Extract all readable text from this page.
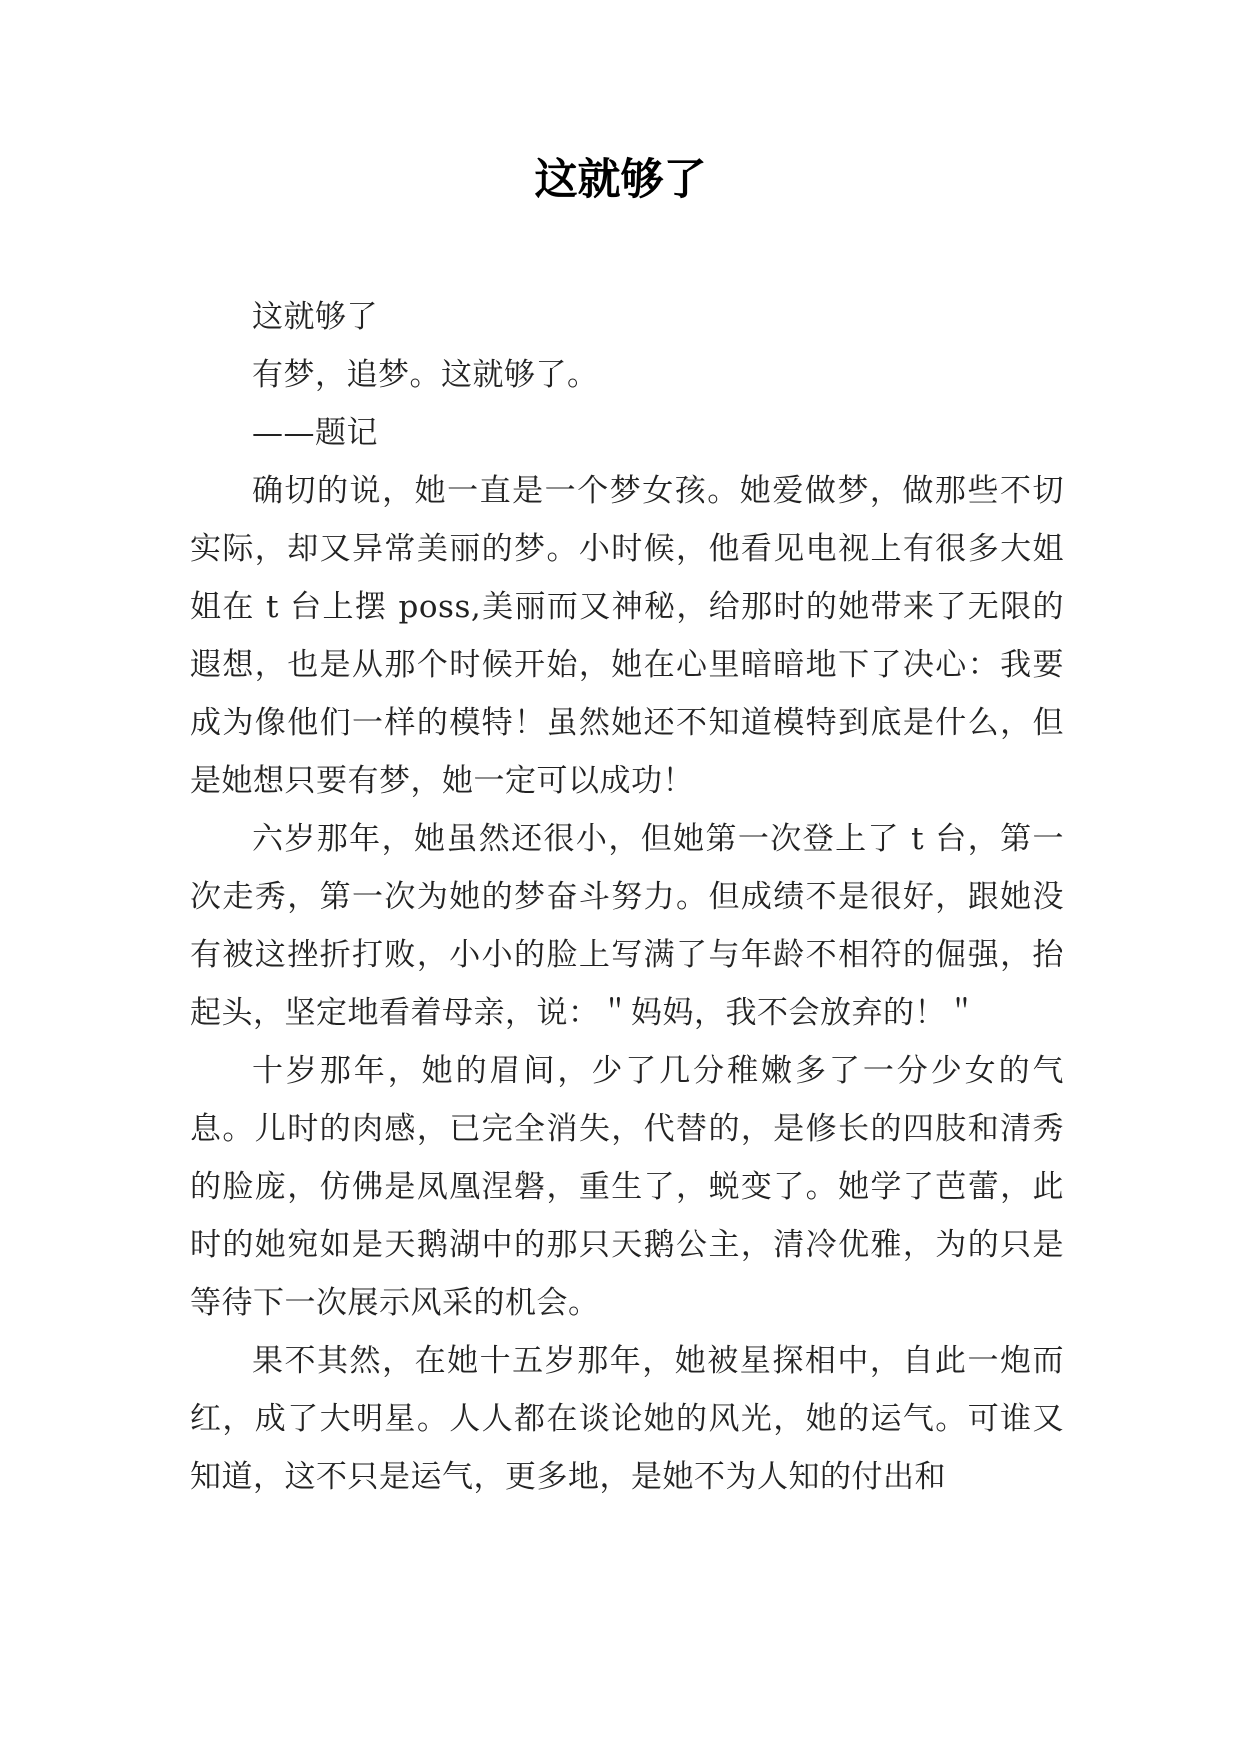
这就够了

这就够了

有梦，追梦。这就够了。

——题记

确切的说，她一直是一个梦女孩。她爱做梦，做那些不切实际，却又异常美丽的梦。小时候，他看见电视上有很多大姐姐在 t 台上摆 poss,美丽而又神秘，给那时的她带来了无限的遐想，也是从那个时候开始，她在心里暗暗地下了决心：我要成为像他们一样的模特！虽然她还不知道模特到底是什么，但是她想只要有梦，她一定可以成功！

六岁那年，她虽然还很小，但她第一次登上了 t 台，第一次走秀，第一次为她的梦奋斗努力。但成绩不是很好，跟她没有被这挫折打败，小小的脸上写满了与年龄不相符的倔强，抬起头，坚定地看着母亲，说：＂妈妈，我不会放弃的！＂

十岁那年，她的眉间，少了几分稚嫩多了一分少女的气息。儿时的肉感，已完全消失，代替的，是修长的四肢和清秀的脸庞，仿佛是凤凰涅磐，重生了，蜕变了。她学了芭蕾，此时的她宛如是天鹅湖中的那只天鹅公主，清冷优雅，为的只是等待下一次展示风采的机会。

果不其然，在她十五岁那年，她被星探相中，自此一炮而红，成了大明星。人人都在谈论她的风光，她的运气。可谁又知道，这不只是运气，更多地，是她不为人知的付出和
